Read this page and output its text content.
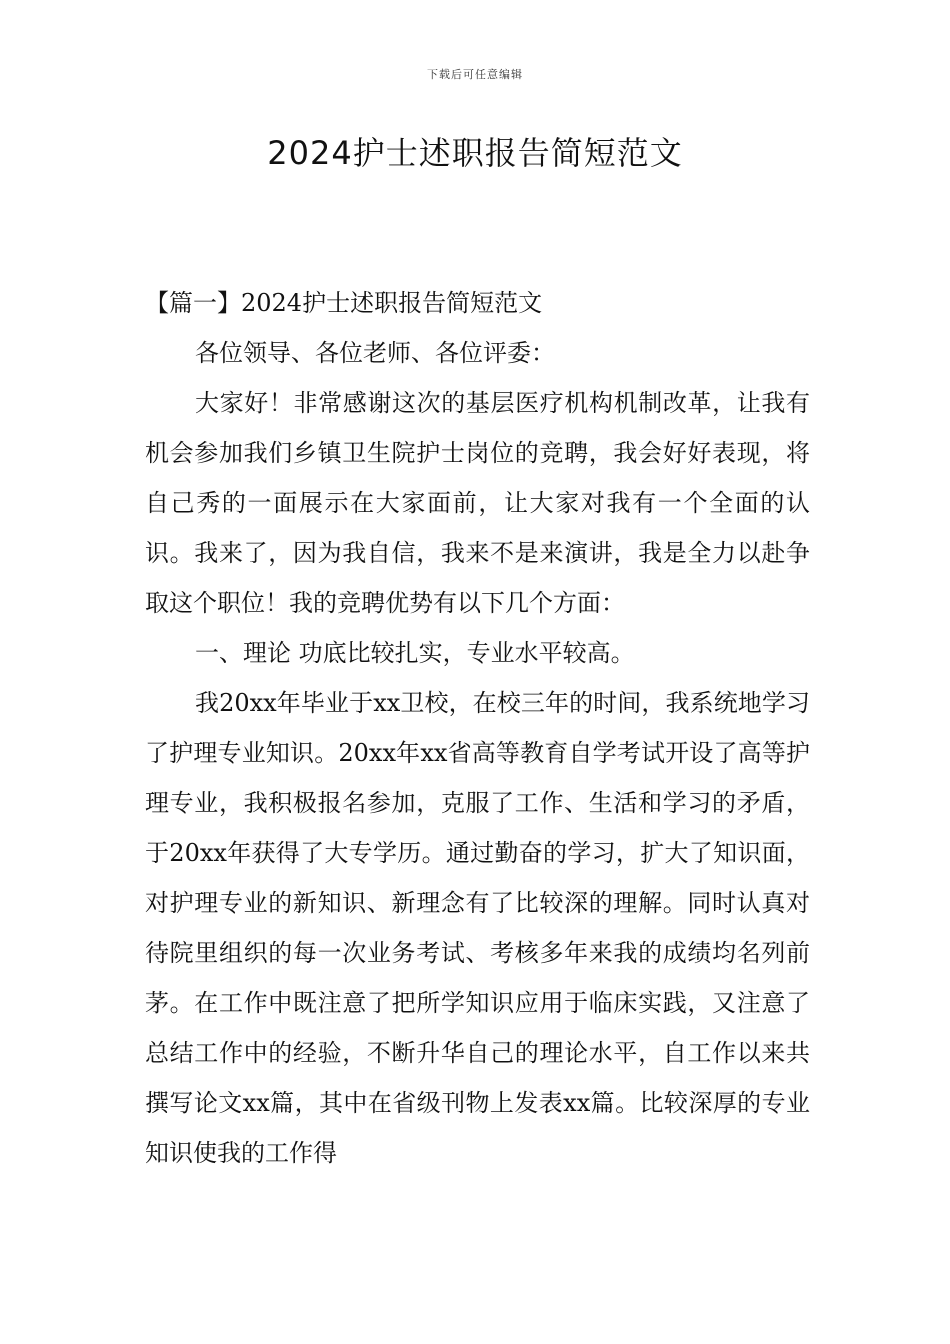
下载后可任意编辑
2024护士述职报告简短范文

【篇一】2024护士述职报告简短范文

各位领导、各位老师、各位评委：

大家好！非常感谢这次的基层医疗机构机制改革，让我有机会参加我们乡镇卫生院护士岗位的竞聘，我会好好表现，将自己秀的一面展示在大家面前，让大家对我有一个全面的认识。我来了，因为我自信，我来不是来演讲，我是全力以赴争取这个职位！我的竞聘优势有以下几个方面：

一、理论 功底比较扎实，专业水平较高。

我20xx年毕业于xx卫校，在校三年的时间，我系统地学习了护理专业知识。20xx年xx省高等教育自学考试开设了高等护理专业，我积极报名参加，克服了工作、生活和学习的矛盾，于20xx年获得了大专学历。通过勤奋的学习，扩大了知识面，对护理专业的新知识、新理念有了比较深的理解。同时认真对待院里组织的每一次业务考试、考核多年来我的成绩均名列前茅。在工作中既注意了把所学知识应用于临床实践，又注意了总结工作中的经验，不断升华自己的理论水平，自工作以来共撰写论文xx篇，其中在省级刊物上发表xx篇。比较深厚的专业知识使我的工作得
